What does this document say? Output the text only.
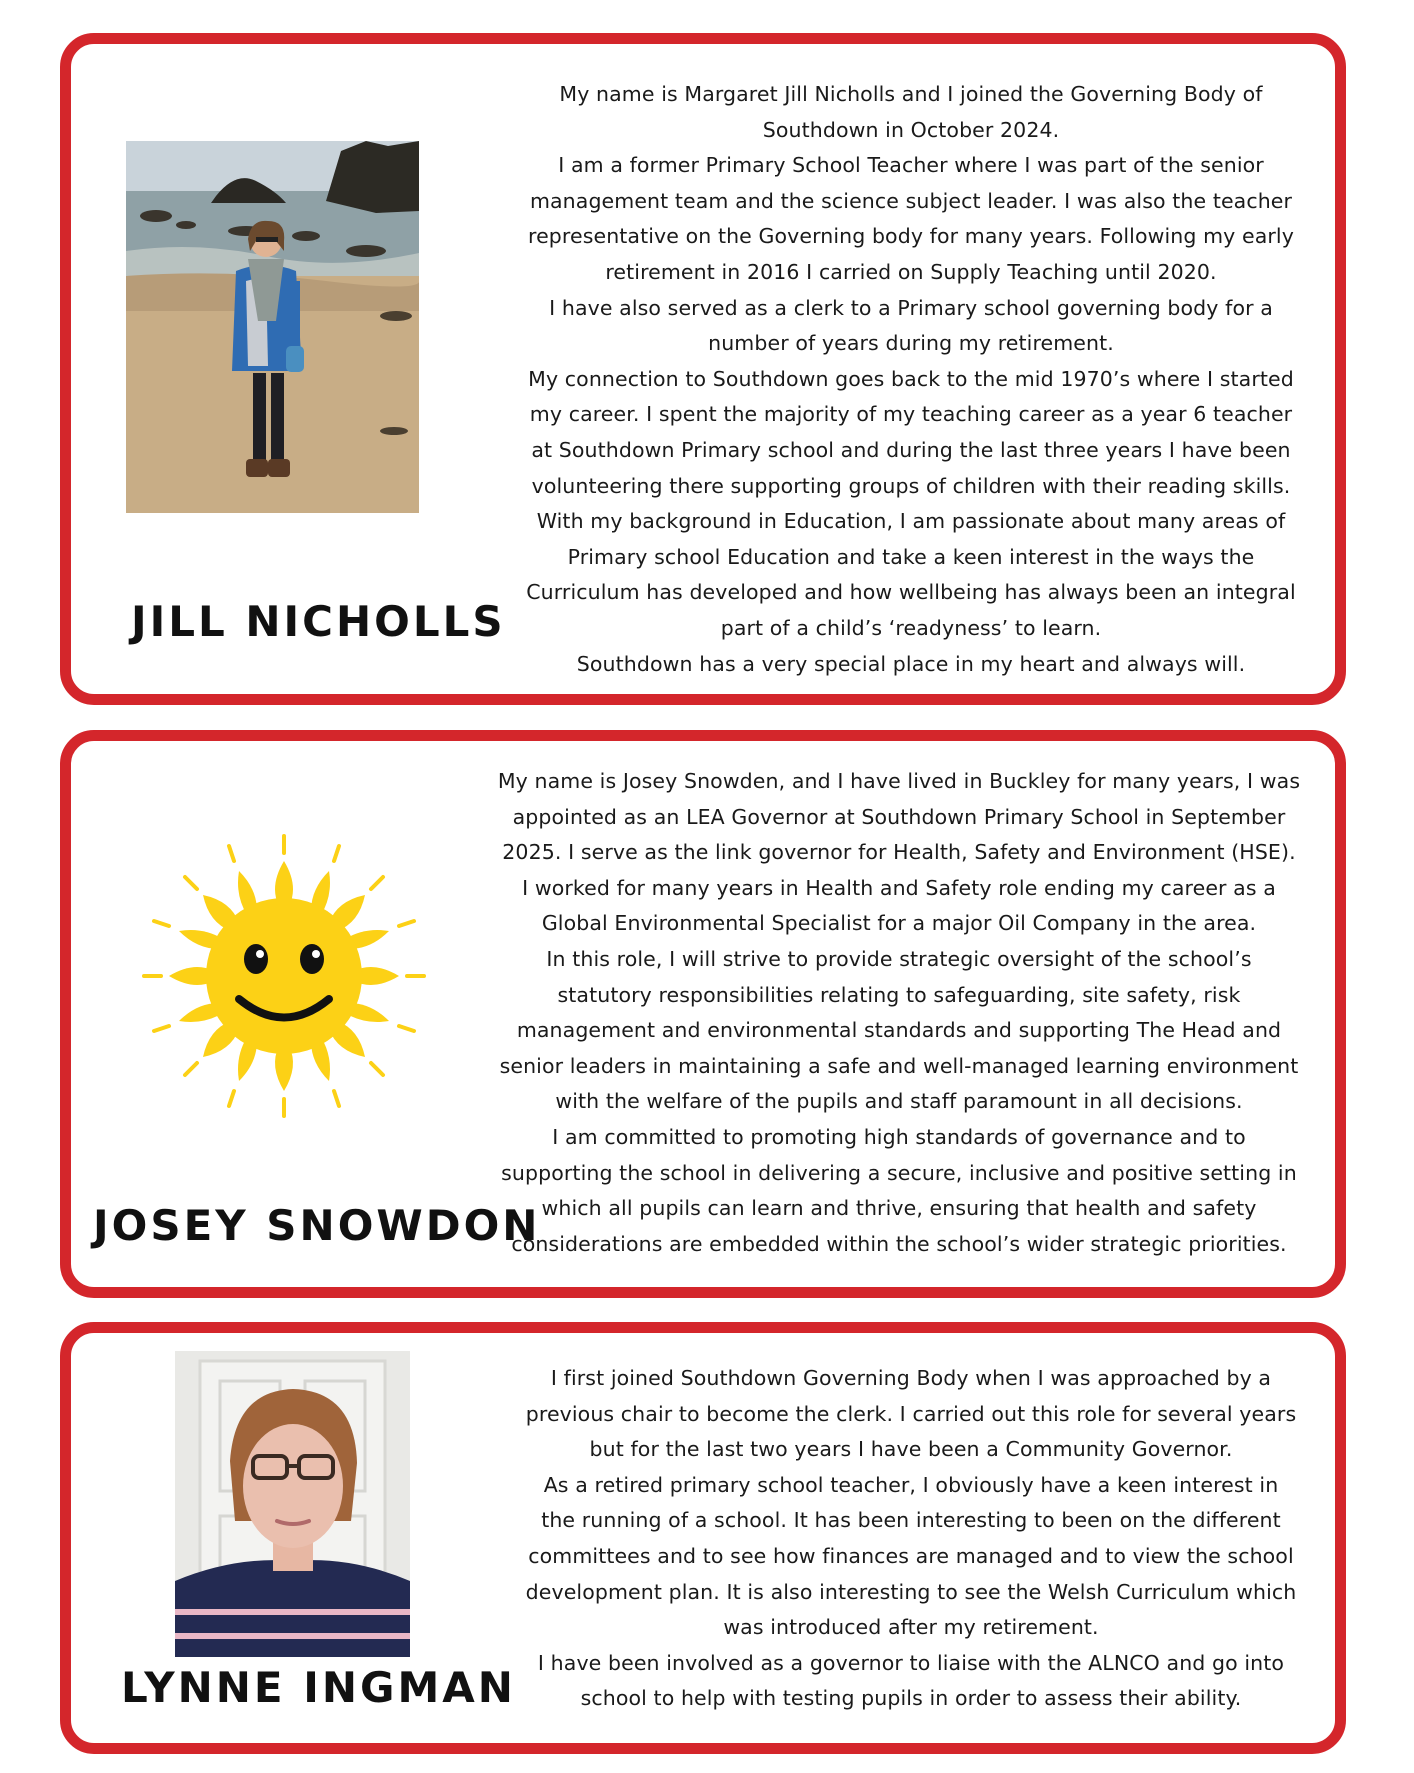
JILL NICHOLLS

My name is Margaret Jill Nicholls and I joined the Governing Body of
Southdown in October 2024.
I am a former Primary School Teacher where I was part of the senior
management team and the science subject leader. I was also the teacher
representative on the Governing body for many years. Following my early
retirement in 2016 I carried on Supply Teaching until 2020.
I have also served as a clerk to a Primary school governing body for a
number of years during my retirement.
My connection to Southdown goes back to the mid 1970’s where I started
my career. I spent the majority of my teaching career as a year 6 teacher
at Southdown Primary school and during the last three years I have been
volunteering there supporting groups of children with their reading skills.
With my background in Education, I am passionate about many areas of
Primary school Education and take a keen interest in the ways the
Curriculum has developed and how wellbeing has always been an integral
part of a child’s ‘readyness’ to learn.
Southdown has a very special place in my heart and always will.

JOSEY SNOWDON

My name is Josey Snowden, and I have lived in Buckley for many years, I was
appointed as an LEA Governor at Southdown Primary School in September
2025. I serve as the link governor for Health, Safety and Environment (HSE).
I worked for many years in Health and Safety role ending my career as a
Global Environmental Specialist for a major Oil Company in the area.
In this role, I will strive to provide strategic oversight of the school’s
statutory responsibilities relating to safeguarding, site safety, risk
management and environmental standards and supporting The Head and
senior leaders in maintaining a safe and well-managed learning environment
with the welfare of the pupils and staff paramount in all decisions.
I am committed to promoting high standards of governance and to
supporting the school in delivering a secure, inclusive and positive setting in
which all pupils can learn and thrive, ensuring that health and safety
considerations are embedded within the school’s wider strategic priorities.

LYNNE INGMAN

I first joined Southdown Governing Body when I was approached by a
previous chair to become the clerk. I carried out this role for several years
but for the last two years I have been a Community Governor.
As a retired primary school teacher, I obviously have a keen interest in
the running of a school. It has been interesting to been on the different
committees and to see how finances are managed and to view the school
development plan. It is also interesting to see the Welsh Curriculum which
was introduced after my retirement.
I have been involved as a governor to liaise with the ALNCO and go into
school to help with testing pupils in order to assess their ability.
